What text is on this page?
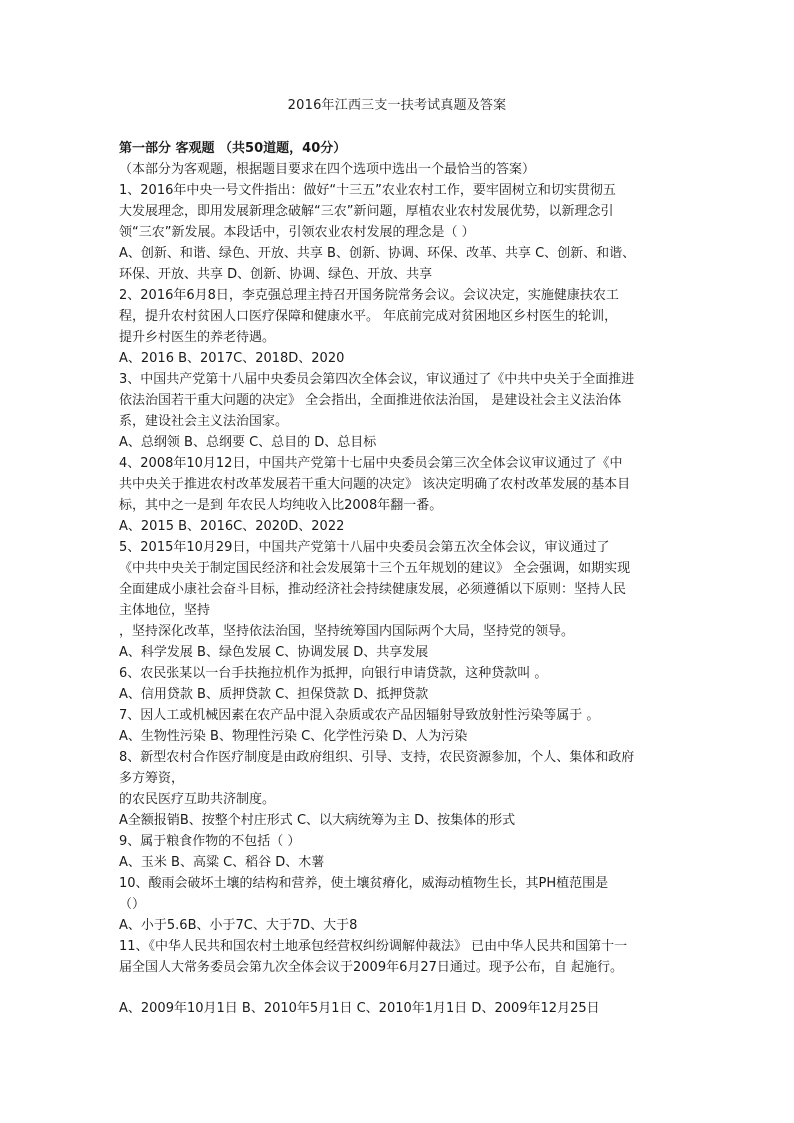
2016年江西三支一扶考试真题及答案
第一部分 客观题 （共50道题，40分）
（本部分为客观题，根据题目要求在四个选项中选出一个最恰当的答案）
1、2016年中央一号文件指出：做好“十三五”农业农村工作，要牢固树立和切实贯彻五
大发展理念，即用发展新理念破解“三农”新问题，厚植农业农村发展优势，以新理念引
领“三农”新发展。本段话中，引领农业农村发展的理念是（ ）
A、创新、和谐、绿色、开放、共享 B、创新、协调、环保、改革、共享 C、创新、和谐、
环保、开放、共享 D、创新、协调、绿色、开放、共享
2、2016年6月8日，李克强总理主持召开国务院常务会议。会议决定，实施健康扶农工
程，提升农村贫困人口医疗保障和健康水平。 年底前完成对贫困地区乡村医生的轮训，
提升乡村医生的养老待遇。
A、2016 B、2017C、2018D、2020
3、中国共产党第十八届中央委员会第四次全体会议，审议通过了《中共中央关于全面推进
依法治国若干重大问题的决定》 全会指出，全面推进依法治国， 是建设社会主义法治体
系，建设社会主义法治国家。
A、总纲领 B、总纲要 C、总目的 D、总目标
4、2008年10月12日，中国共产党第十七届中央委员会第三次全体会议审议通过了《中
共中央关于推进农村改革发展若干重大问题的决定》 该决定明确了农村改革发展的基本目
标，其中之一是到 年农民人均纯收入比2008年翻一番。
A、2015 B、2016C、2020D、2022
5、2015年10月29日，中国共产党第十八届中央委员会第五次全体会议，审议通过了
《中共中央关于制定国民经济和社会发展第十三个五年规划的建议》 全会强调，如期实现
全面建成小康社会奋斗目标，推动经济社会持续健康发展，必须遵循以下原则：坚持人民
主体地位，坚持
，坚持深化改革，坚持依法治国，坚持统筹国内国际两个大局，坚持党的领导。
A、科学发展 B、绿色发展 C、协调发展 D、共享发展
6、农民张某以一台手扶拖拉机作为抵押，向银行申请贷款，这种贷款叫 。
A、信用贷款 B、质押贷款 C、担保贷款 D、抵押贷款
7、因人工或机械因素在农产品中混入杂质或农产品因辐射导致放射性污染等属于 。
A、生物性污染 B、物理性污染 C、化学性污染 D、人为污染
8、新型农村合作医疗制度是由政府组织、引导、支持，农民资源参加，个人、集体和政府
多方筹资，
的农民医疗互助共济制度。
A全额报销B、按整个村庄形式 C、以大病统筹为主 D、按集体的形式
9、属于粮食作物的不包括（ ）
A、玉米 B、高粱 C、稻谷 D、木薯
10、酸雨会破坏土壤的结构和营养，使土壤贫瘠化，威海动植物生长，其PH植范围是
（）
A、小于5.6B、小于7C、大于7D、大于8
11、《中华人民共和国农村土地承包经营权纠纷调解仲裁法》 已由中华人民共和国第十一
届全国人大常务委员会第九次全体会议于2009年6月27日通过。现予公布，自 起施行。
A、2009年10月1日 B、2010年5月1日 C、2010年1月1日 D、2009年12月25日
